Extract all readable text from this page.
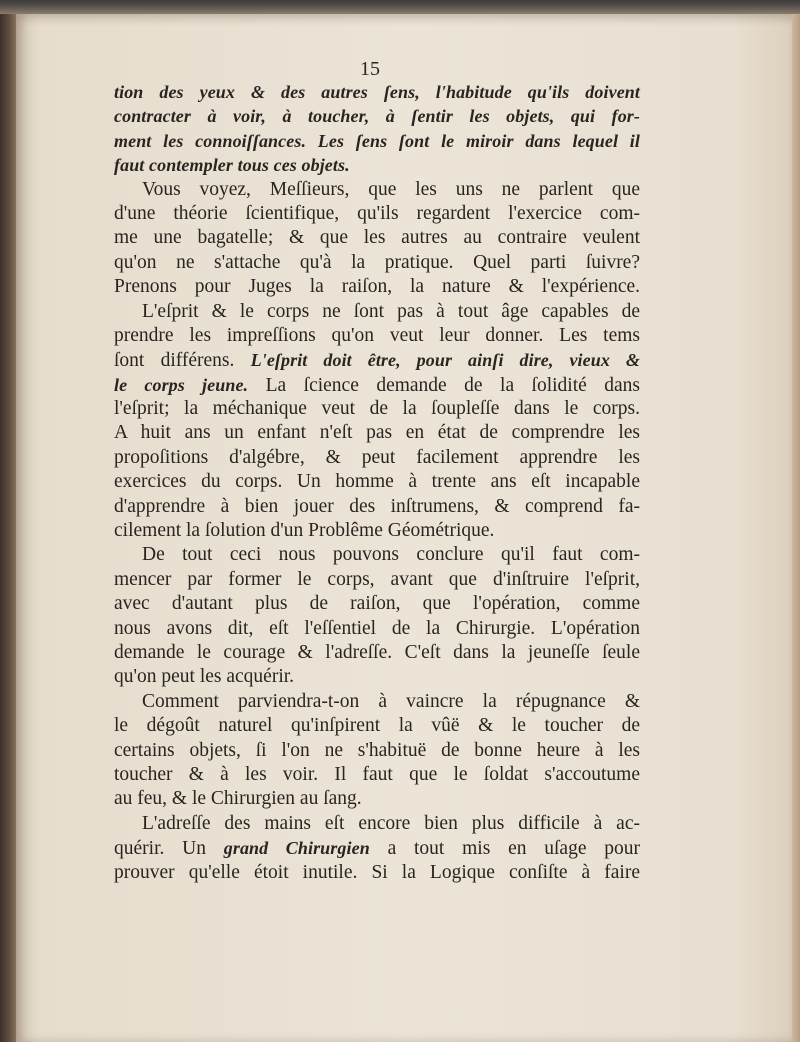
15
tion des yeux & des autres ſens, l'habitude qu'ils doivent
contracter à voir, à toucher, à ſentir les objets, qui for-
ment les connoiſſances. Les ſens ſont le miroir dans lequel il
faut contempler tous ces objets.
Vous voyez, Meſſieurs, que les uns ne parlent que
d'une théorie ſcientifique, qu'ils regardent l'exercice com-
me une bagatelle; & que les autres au contraire veulent
qu'on ne s'attache qu'à la pratique. Quel parti ſuivre?
Prenons pour Juges la raiſon, la nature & l'expérience.
L'eſprit & le corps ne ſont pas à tout âge capables de
prendre les impreſſions qu'on veut leur donner. Les tems
ſont différens. L'eſprit doit être, pour ainſi dire, vieux &
le corps jeune. La ſcience demande de la ſolidité dans
l'eſprit; la méchanique veut de la ſoupleſſe dans le corps.
A huit ans un enfant n'eſt pas en état de comprendre les
propoſitions d'algébre, & peut facilement apprendre les
exercices du corps. Un homme à trente ans eſt incapable
d'apprendre à bien jouer des inſtrumens, & comprend fa-
cilement la ſolution d'un Problême Géométrique.
De tout ceci nous pouvons conclure qu'il faut com-
mencer par former le corps, avant que d'inſtruire l'eſprit,
avec d'autant plus de raiſon, que l'opération, comme
nous avons dit, eſt l'eſſentiel de la Chirurgie. L'opération
demande le courage & l'adreſſe. C'eſt dans la jeuneſſe ſeule
qu'on peut les acquérir.
Comment parviendra-t-on à vaincre la répugnance &
le dégoût naturel qu'inſpirent la vûë & le toucher de
certains objets, ſi l'on ne s'habituë de bonne heure à les
toucher & à les voir. Il faut que le ſoldat s'accoutume
au feu, & le Chirurgien au ſang.
L'adreſſe des mains eſt encore bien plus difficile à ac-
quérir. Un grand Chirurgien a tout mis en uſage pour
prouver qu'elle étoit inutile. Si la Logique conſiſte à faire
